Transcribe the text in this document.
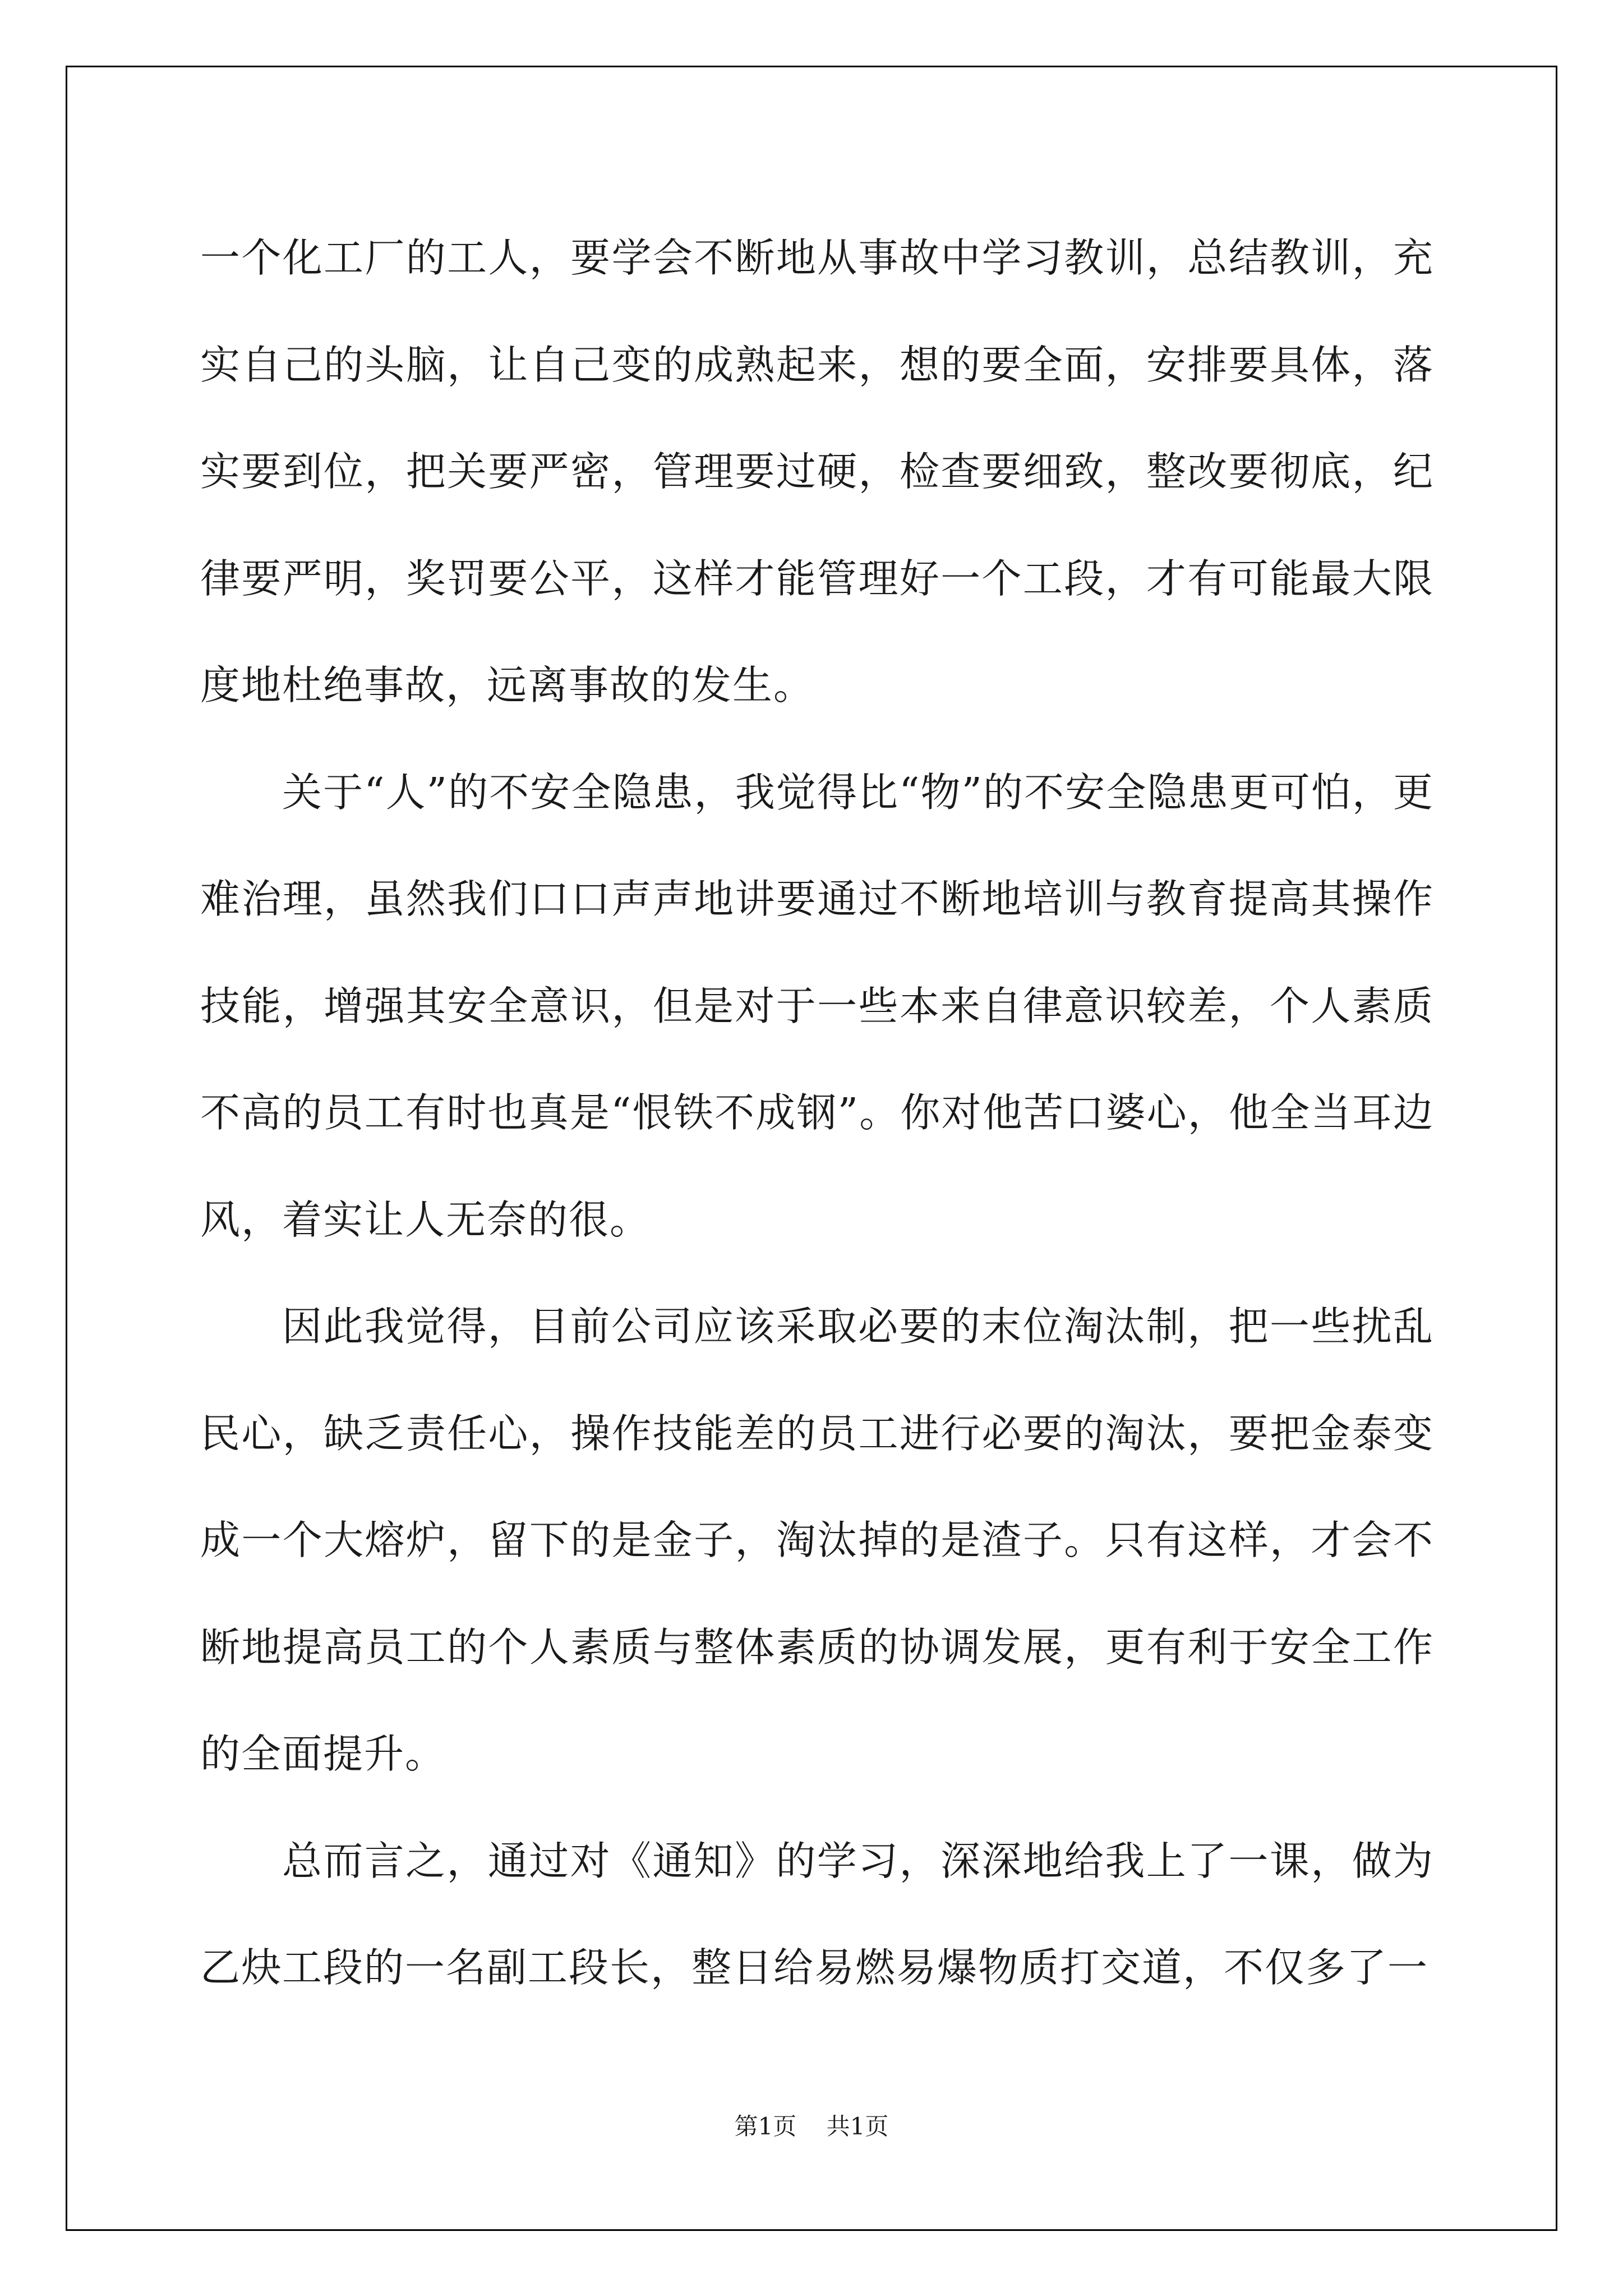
一个化工厂的工人，要学会不断地从事故中学习教训，总结教训，充实自己的头脑，让自己变的成熟起来，想的要全面，安排要具体，落实要到位，把关要严密，管理要过硬，检查要细致，整改要彻底，纪律要严明，奖罚要公平，这样才能管理好一个工段，才有可能最大限度地杜绝事故，远离事故的发生。

关于“人”的不安全隐患，我觉得比“物”的不安全隐患更可怕，更难治理，虽然我们口口声声地讲要通过不断地培训与教育提高其操作技能，增强其安全意识，但是对于一些本来自律意识较差，个人素质不高的员工有时也真是“恨铁不成钢”。你对他苦口婆心，他全当耳边风，着实让人无奈的很。

因此我觉得，目前公司应该采取必要的末位淘汰制，把一些扰乱民心，缺乏责任心，操作技能差的员工进行必要的淘汰，要把金泰变成一个大熔炉，留下的是金子，淘汰掉的是渣子。只有这样，才会不断地提高员工的个人素质与整体素质的协调发展，更有利于安全工作的全面提升。

总而言之，通过对《通知》的学习，深深地给我上了一课，做为乙炔工段的一名副工段长，整日给易燃易爆物质打交道，不仅多了一

第1页 共1页
